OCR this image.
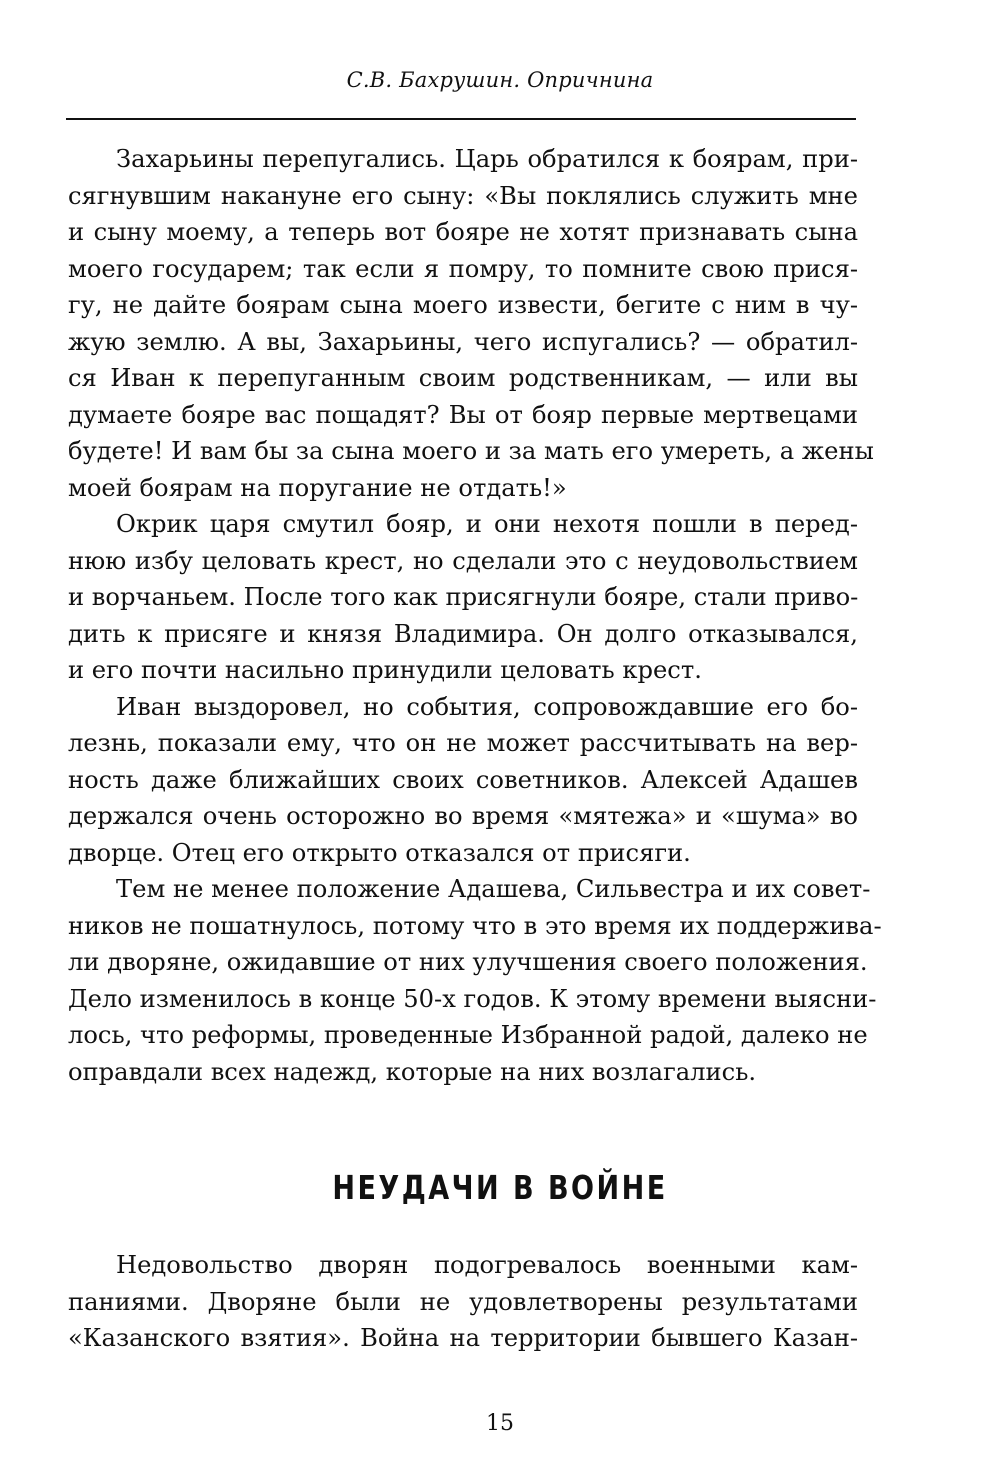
С.В. Бахрушин. Опричнина
Захарьины перепугались. Царь обратился к боярам, при-
сягнувшим накануне его сыну: «Вы поклялись служить мне
и сыну моему, а теперь вот бояре не хотят признавать сына
моего государем; так если я помру, то помните свою прися-
гу, не дайте боярам сына моего извести, бегите с ним в чу-
жую землю. А вы, Захарьины, чего испугались? — обратил-
ся Иван к перепуганным своим родственникам, — или вы
думаете бояре вас пощадят? Вы от бояр первые мертвецами
будете! И вам бы за сына моего и за мать его умереть, а жены
моей боярам на поругание не отдать!»
Окрик царя смутил бояр, и они нехотя пошли в перед-
нюю избу целовать крест, но сделали это с неудовольствием
и ворчаньем. После того как присягнули бояре, стали приво-
дить к присяге и князя Владимира. Он долго отказывался,
и его почти насильно принудили целовать крест.
Иван выздоровел, но события, сопровождавшие его бо-
лезнь, показали ему, что он не может рассчитывать на вер-
ность даже ближайших своих советников. Алексей Адашев
держался очень осторожно во время «мятежа» и «шума» во
дворце. Отец его открыто отказался от присяги.
Тем не менее положение Адашева, Сильвестра и их совет-
ников не пошатнулось, потому что в это время их поддержива-
ли дворяне, ожидавшие от них улучшения своего положения.
Дело изменилось в конце 50-х годов. К этому времени выясни-
лось, что реформы, проведенные Избранной радой, далеко не
оправдали всех надежд, которые на них возлагались.
НЕУДАЧИ В ВОЙНЕ
Недовольство дворян подогревалось военными кам-
паниями. Дворяне были не удовлетворены результатами
«Казанского взятия». Война на территории бывшего Казан-
15
